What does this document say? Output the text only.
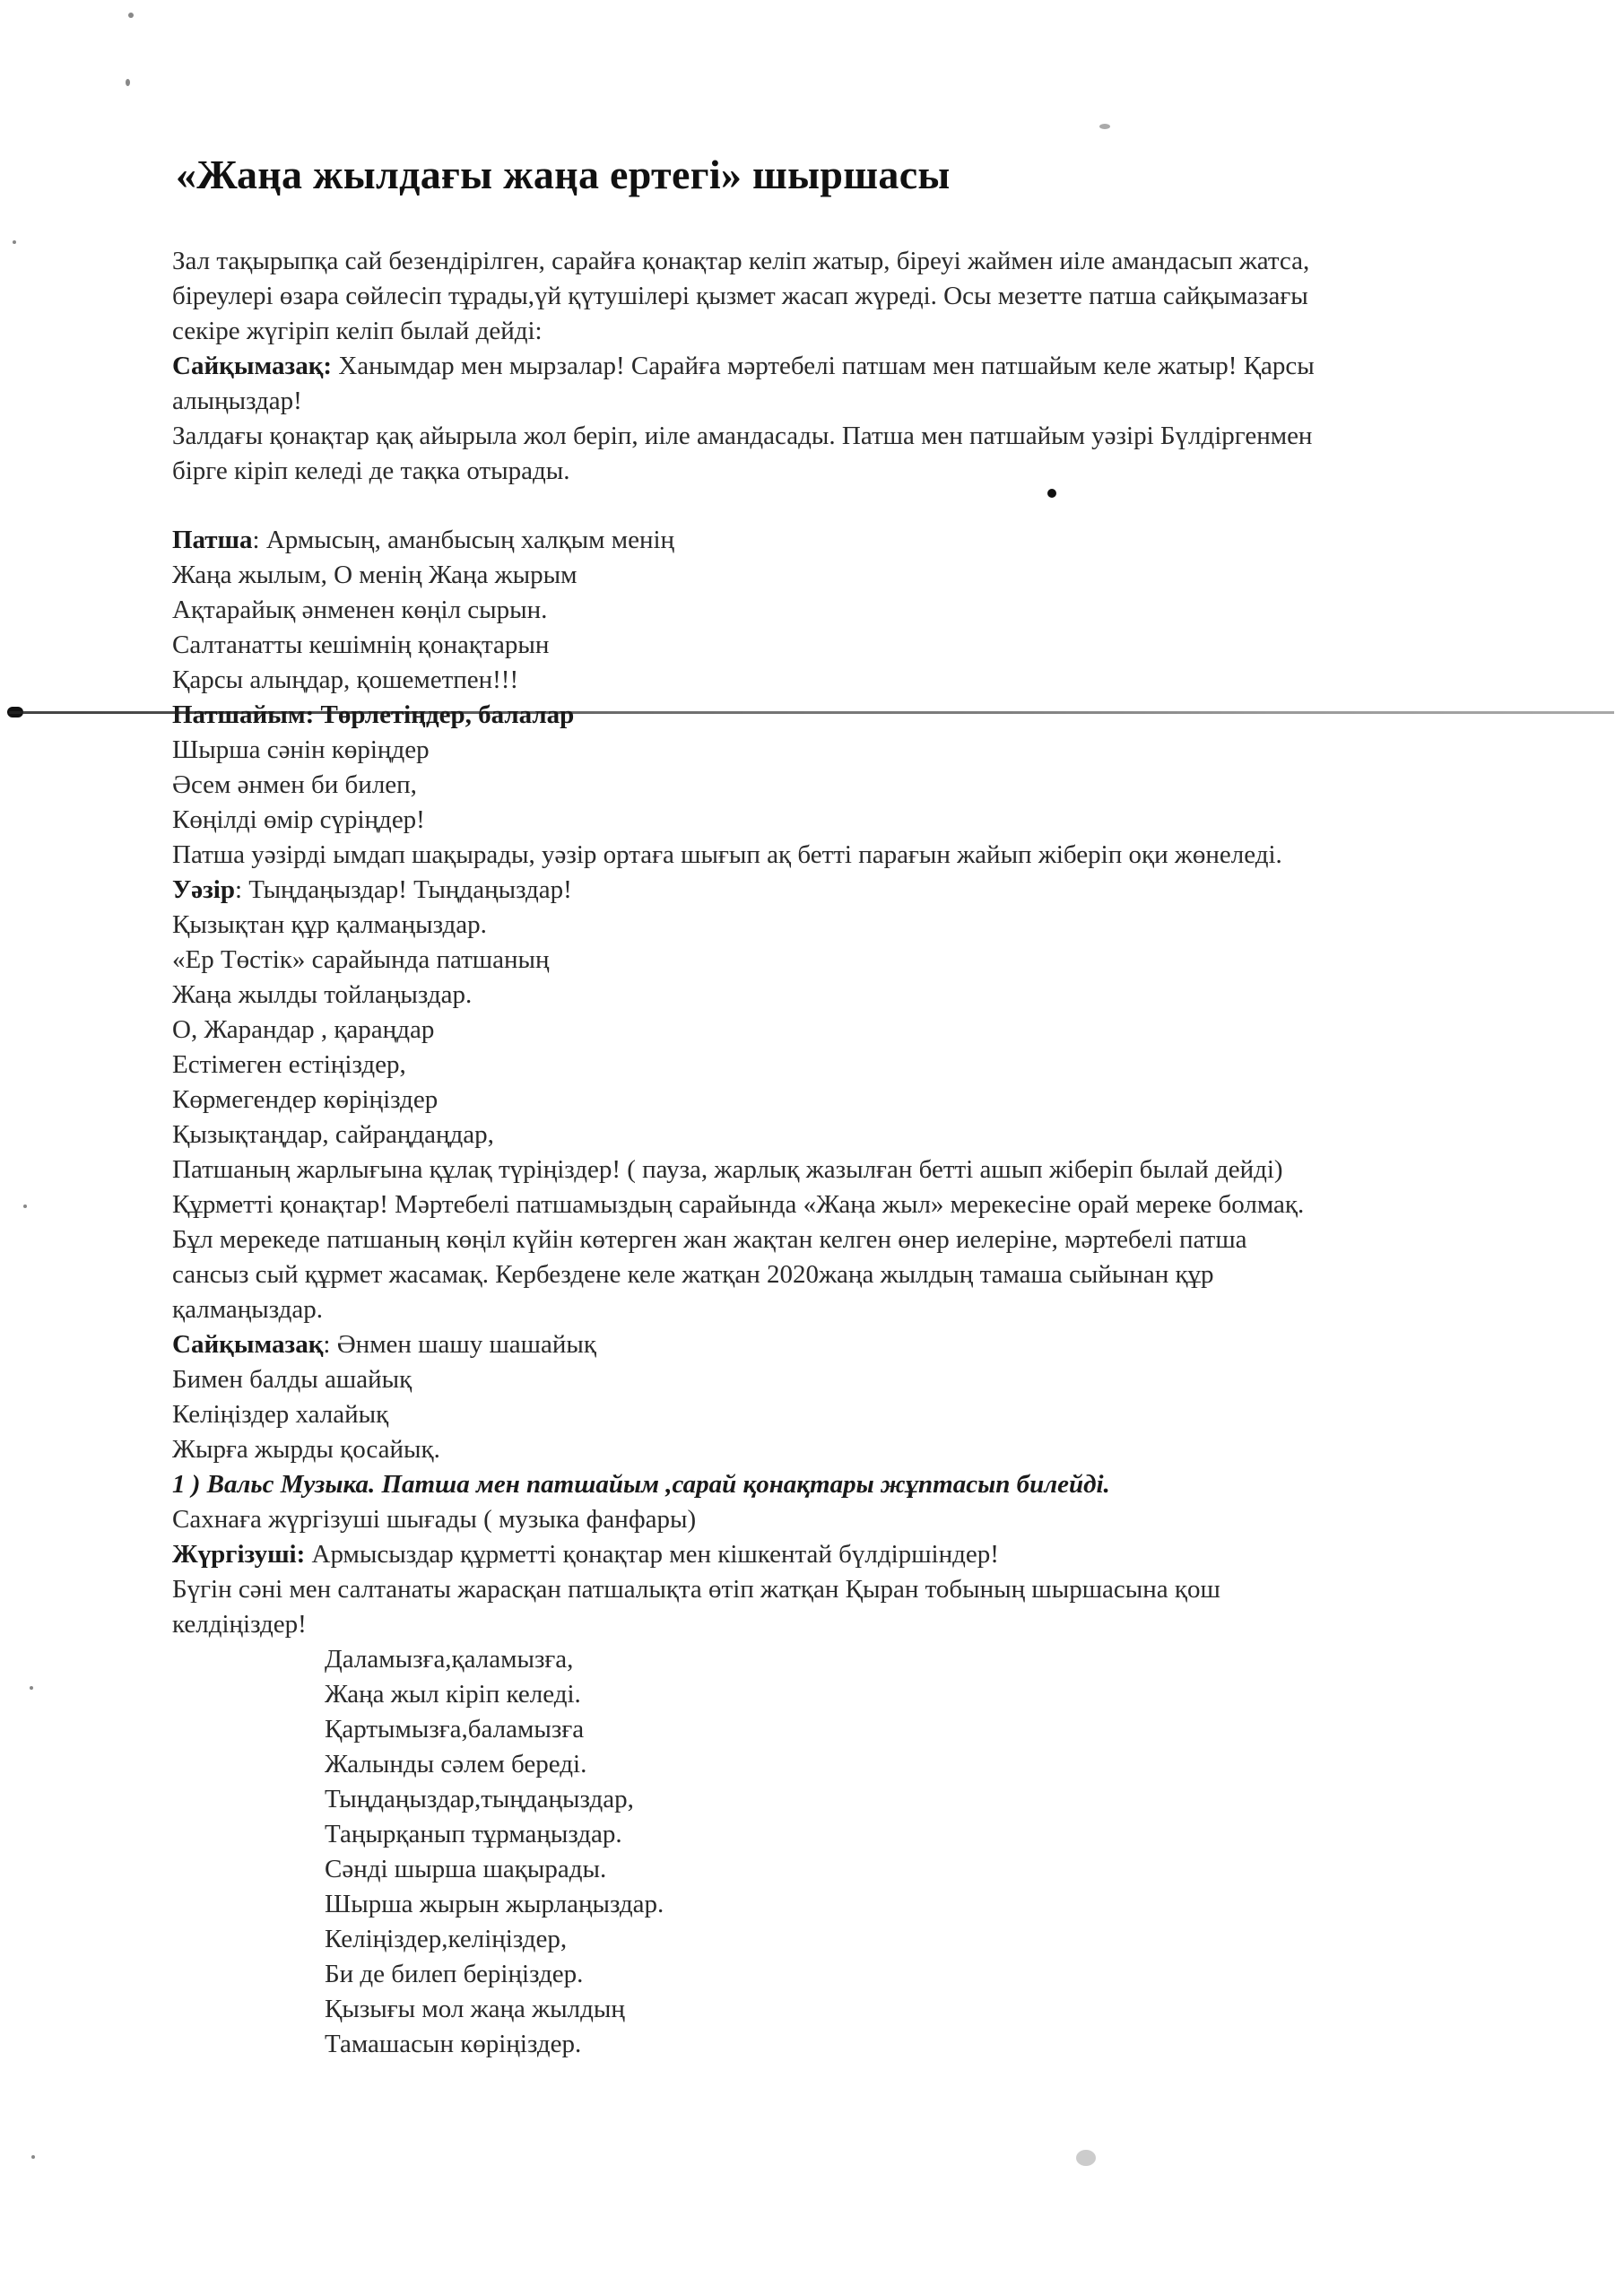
«Жаңа жылдағы жаңа ертегі» шыршасы

Зал тақырыпқа сай безендірілген, сарайға қонақтар келіп жатыр, біреуі жаймен иіле амандасып жатса,
біреулері өзара сөйлесіп тұрады,үй қүтушілері қызмет жасап жүреді. Осы мезетте патша сайқымазағы
секіре жүгіріп келіп былай дейді:

Сайқымазақ: Ханымдар мен мырзалар! Сарайға мәртебелі патшам мен патшайым келе жатыр! Қарсы
алыңыздар!

Залдағы қонақтар қақ айырыла жол беріп, иіле амандасады. Патша мен патшайым уәзірі Бүлдіргенмен
бірге кіріп келеді де тақка отырады.

Патша: Армысың, аманбысың халқым менің
Жаңа жылым, О менің Жаңа жырым
Ақтарайық әнменен көңіл сырын.
Салтанатты кешімнің қонақтарын
Қарсы алыңдар, қошеметпен!!!

Патшайым: Төрлетіңдер, балалар
Шырша сәнін көріңдер
Әсем әнмен би билеп,
Көңілді өмір сүріңдер!

Патша уәзірді ымдап шақырады, уәзір ортаға шығып ақ бетті парағын жайып жіберіп оқи жөнеледі.

Уәзір: Тыңдаңыздар! Тыңдаңыздар!
Қызықтан құр қалмаңыздар.
«Ер Төстік» сарайында патшаның
Жаңа жылды тойлаңыздар.
О, Жарандар , қараңдар
Естімеген естіңіздер,
Көрмегендер көріңіздер
Қызықтаңдар, сайраңдаңдар,
Патшаның жарлығына құлақ түріңіздер! ( пауза, жарлық жазылған бетті ашып жіберіп былай дейді)
Құрметті қонақтар! Мәртебелі патшамыздың сарайында «Жаңа жыл» мерекесіне орай мереке болмақ.
Бұл мерекеде патшаның көңіл күйін көтерген жан жақтан келген өнер иелеріне, мәртебелі патша
сансыз сый құрмет жасамақ. Кербездене келе жатқан 2020жаңа жылдың тамаша сыйынан құр
қалмаңыздар.

Сайқымазақ: Әнмен шашу шашайық
Бимен балды ашайық
Келіңіздер халайық
Жырға жырды қосайық.

1 ) Вальс Музыка. Патша мен патшайым ,сарай қонақтары жұптасып билейді.
Сахнаға жүргізуші шығады ( музыка фанфары)

Жүргізуші: Армысыздар құрметті қонақтар мен кішкентай бүлдіршіндер!
Бүгін сәні мен салтанаты жарасқан патшалықта өтіп жатқан Қыран тобының шыршасына қош
келдіңіздер!

Даламызға,қаламызға,
Жаңа жыл кіріп келеді.
Қартымызға,баламызға
Жалынды сәлем береді.
Тыңдаңыздар,тыңдаңыздар,
Таңырқанып тұрмаңыздар.
Сәнді шырша шақырады.
Шырша жырын жырлаңыздар.
Келіңіздер,келіңіздер,
Би де билеп беріңіздер.
Қызығы мол жаңа жылдың
Тамашасын көріңіздер.
